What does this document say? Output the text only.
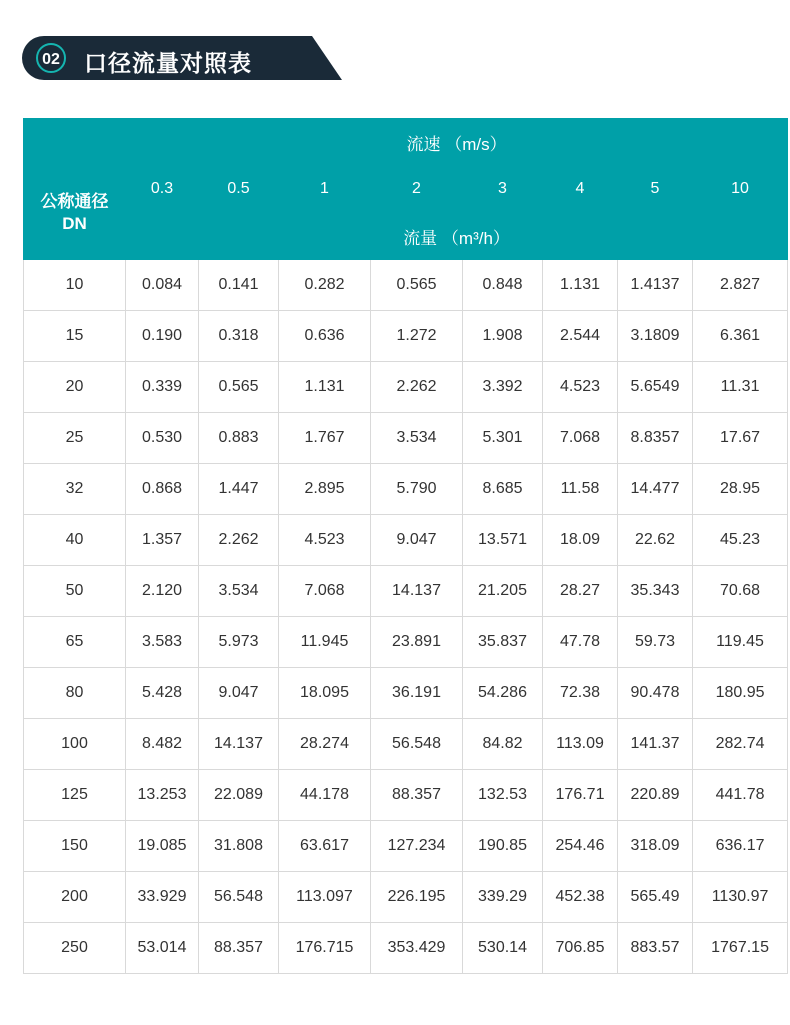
02 口径流量对照表
	流速 （m/s）							

公称通径
DN	0.3	0.5	1	2	3	4	5	10
	流量 （m³/h）							
10	0.084	0.141	0.282	0.565	0.848	1.131	1.4137	2.827
15	0.190	0.318	0.636	1.272	1.908	2.544	3.1809	6.361
20	0.339	0.565	1.131	2.262	3.392	4.523	5.6549	11.31
25	0.530	0.883	1.767	3.534	5.301	7.068	8.8357	17.67
32	0.868	1.447	2.895	5.790	8.685	11.58	14.477	28.95
40	1.357	2.262	4.523	9.047	13.571	18.09	22.62	45.23
50	2.120	3.534	7.068	14.137	21.205	28.27	35.343	70.68
65	3.583	5.973	11.945	23.891	35.837	47.78	59.73	119.45
80	5.428	9.047	18.095	36.191	54.286	72.38	90.478	180.95
100	8.482	14.137	28.274	56.548	84.82	113.09	141.37	282.74
125	13.253	22.089	44.178	88.357	132.53	176.71	220.89	441.78
150	19.085	31.808	63.617	127.234	190.85	254.46	318.09	636.17
200	33.929	56.548	113.097	226.195	339.29	452.38	565.49	1130.97
250	53.014	88.357	176.715	353.429	530.14	706.85	883.57	1767.15
